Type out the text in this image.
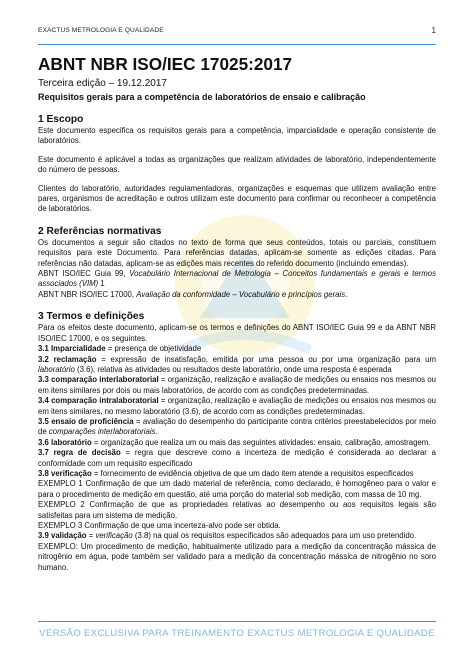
EXACTUS METROLOGIA E QUALIDADE	1
ABNT NBR ISO/IEC 17025:2017
Terceira edição – 19.12.2017
Requisitos gerais para a competência de laboratórios de ensaio e calibração
1 Escopo

Este documento especifica os requisitos gerais para a competência, imparcialidade e operação consistente de laboratórios.

Este documento é aplicável a todas as organizações que realizam atividades de laboratório, independentemente do número de pessoas.

Clientes do laboratório, autoridades regulamentadoras, organizações e esquemas que utilizem avaliação entre pares, organismos de acreditação e outros utilizam este documento para confirmar ou reconhecer a competência de laboratórios.

2 Referências normativas

Os documentos a seguir são citados no texto de forma que seus conteúdos, totais ou parciais, constituem requisitos para este Documento. Para referências datadas, aplicam-se somente as edições citadas. Para referências não datadas, aplicam-se as edições mais recentes do referido documento (incluindo emendas).

ABNT ISO/IEC Guia 99, Vocabulário Internacional de Metrologia – Conceitos fundamentais e gerais e termos associados (VIM) 1

ABNT NBR ISO/IEC 17000, Avaliação da conformidade – Vocabulário e princípios gerais.

3 Termos e definições

Para os efeitos deste documento, aplicam-se os termos e definições do ABNT ISO/IEC Guia 99 e da ABNT NBR ISO/IEC 17000, e os seguintes.

3.1 Imparcialidade = presença de objetividade

3.2 reclamação = expressão de insatisfação, emitida por uma pessoa ou por uma organização para um laboratório (3.6), relativa às atividades ou resultados deste laboratório, onde uma resposta é esperada

3.3 comparação interlaboratorial = organização, realização e avaliação de medições ou ensaios nos mesmos ou em itens similares por dois ou mais laboratórios, de acordo com as condições predeterminadas.

3.4 comparação intralaboratorial = organização, realização e avaliação de medições ou ensaios nos mesmos ou em itens similares, no mesmo laboratório (3.6), de acordo com as condições predeterminadas.

3.5 ensaio de proficiência = avaliação do desempenho do participante contra critérios preestabelecidos por meio de comparações interlaboratoriais.

3.6 laboratório = organização que realiza um ou mais das seguintes atividades: ensaio, calibração, amostragem.

3.7 regra de decisão = regra que descreve como a incerteza de medição é considerada ao declarar a conformidade com um requisito especificado

3.8 verificação = fornecimento de evidência objetiva de que um dado item atende a requisitos especificados

EXEMPLO 1 Confirmação de que um dado material de referência, como declarado, é homogêneo para o valor e para o procedimento de medição em questão, até uma porção do material sob medição, com massa de 10 mg.

EXEMPLO 2 Confirmação de que as propriedades relativas ao desempenho ou aos requisitos legais são satisfeitas para um sistema de medição.

EXEMPLO 3 Confirmação de que uma incerteza-alvo pode ser obtida.

3.9 validação = verificação (3.8) na qual os requisitos especificados são adequados para um uso pretendido.

EXEMPLO: Um procedimento de medição, habitualmente utilizado para a medição da concentração mássica de nitrogênio em água, pode também ser validado para a medição da concentração mássica de nitrogênio no soro humano.

VERSÃO EXCLUSIVA PARA TREINAMENTO EXACTUS METROLOGIA E QUALIDADE
